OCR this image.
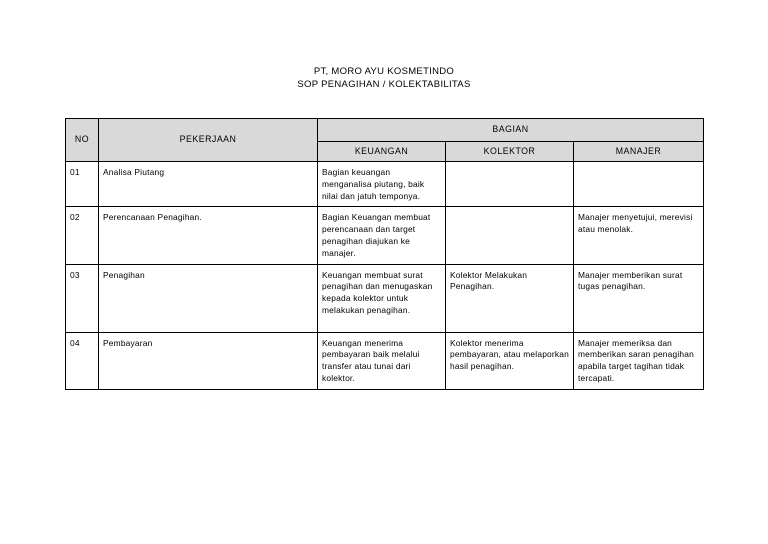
PT, MORO AYU KOSMETINDO
SOP PENAGIHAN / KOLEKTABILITAS
NO	PEKERJAAN	BAGIAN		
		KEUANGAN	KOLEKTOR	MANAJER
01	Analisa Piutang	Bagian keuangan menganalisa piutang, baik nilai dan jatuh temponya.		
02	Perencanaan Penagihan.	Bagian Keuangan membuat perencanaan dan target penagihan diajukan ke manajer.		Manajer menyetujui, merevisi atau menolak.
03	Penagihan	Keuangan membuat surat penagihan dan menugaskan kepada kolektor untuk melakukan penagihan.	Kolektor Melakukan Penagihan.	Manajer memberikan surat tugas penagihan.
04	Pembayaran	Keuangan menerima pembayaran baik melalui transfer atau tunai dari kolektor.	Kolektor menerima pembayaran, atau melaporkan hasil penagihan.	Manajer memeriksa dan memberikan saran penagihan apabila target tagihan tidak tercapati.
